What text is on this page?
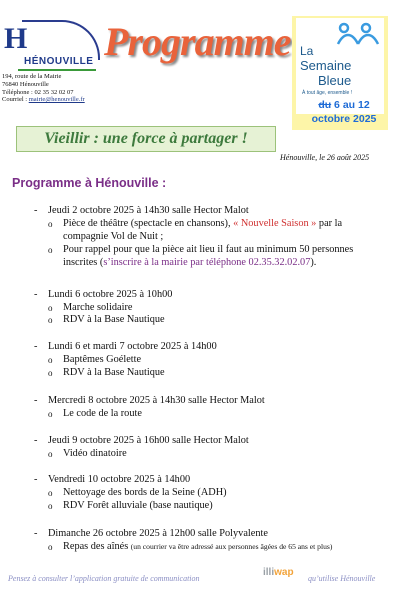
H
HÉNOUVILLE
194, route de la Mairie
76840 Hénouville
Téléphone : 02 35 32 02 07
Courriel : mairie@henouville.fr
Programme La
Semaine
Bleue
À tout âge, ensemble !
du 6 au 12
octobre 2025
Vieillir : une force à partager !
Hénouville, le 26 août 2025
Programme à Hénouville :
- Jeudi 2 octobre 2025 à 14h30 salle Hector Malot
o Pièce de théâtre (spectacle en chansons), « Nouvelle Saison » par la
compagnie Vol de Nuit ;
o Pour rappel pour que la pièce ait lieu il faut au minimum 50 personnes
inscrites (s’inscrire à la mairie par téléphone 02.35.32.02.07).
- Lundi 6 octobre 2025 à 10h00
o Marche solidaire
o RDV à la Base Nautique
- Lundi 6 et mardi 7 octobre 2025 à 14h00
o Baptêmes Goélette
o RDV à la Base Nautique
- Mercredi 8 octobre 2025 à 14h30 salle Hector Malot
o Le code de la route
- Jeudi 9 octobre 2025 à 16h00 salle Hector Malot
o Vidéo dinatoire
- Vendredi 10 octobre 2025 à 14h00
o Nettoyage des bords de la Seine (ADH)
o RDV Forêt alluviale (base nautique)
- Dimanche 26 octobre 2025 à 12h00 salle Polyvalente
o Repas des aînés (un courrier va être adressé aux personnes âgées de 65 ans et plus)
Pensez à consulter l’application gratuite de communication
illiwap
qu’utilise Hénouville
